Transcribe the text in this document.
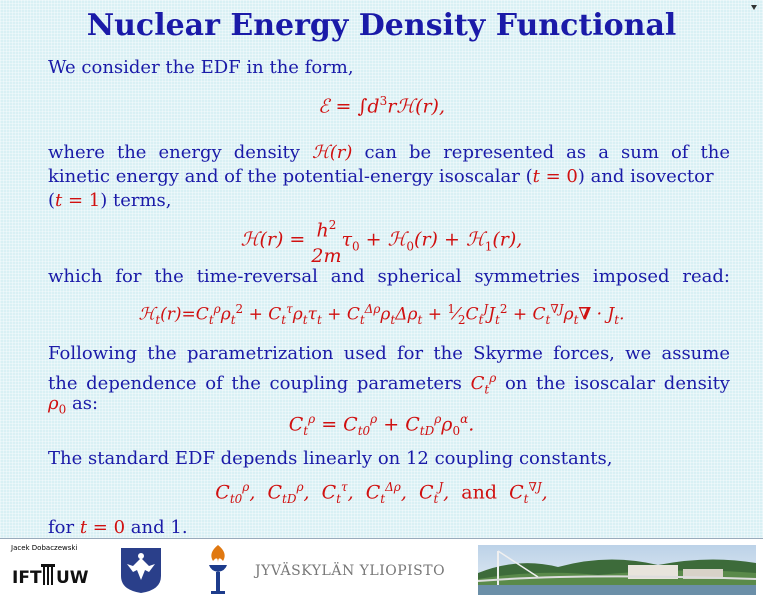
Nuclear Energy Density Functional
We consider the EDF in the form,
ℰ = $\int d^3rℋ(r)$,
where the energy density ℋ(r) can be represented as a sum of the
kinetic energy and of the potential-energy isoscalar (t = 0) and isovector
(t = 1) terms,
ℋ(r) = $h^2$
2m
$\tau_0$ + ℋ$_0$(r) + ℋ$_1$(r),
which for the time-reversal and spherical symmetries imposed read:
$ℋ_t(r)=C_t^\rho\rho_t^2 + C_t^\tau\rho_t\tau_t + C_t^{\Delta\rho}\rho_t\Delta\rho_t$ + $^1⁄_2C_t^JJ_t^2 + C_t^{\nabla J}\rho_t\nabla \cdot J_t$.
Following the parametrization used for the Skyrme forces, we assume
the dependence of the coupling parameters $C_t^\rho$ on the isoscalar density
$\rho_0$ as:
$C_t^\rho = C_{t0}^\rho + C_{tD}^\rho\rho_0^\alpha$.
The standard EDF depends linearly on 12 coupling constants,
$C_{t0}^\rho$,  $C_{tD}^\rho$,  $C_t^\tau$,  $C_t^{\Delta\rho}$,  $C_t^J$,  and  $C_t^{\nabla J}$,
for t = 0 and 1.
Jacek Dobaczewski
IFT UW	JYVÄSKYLÄN YLIOPISTO
